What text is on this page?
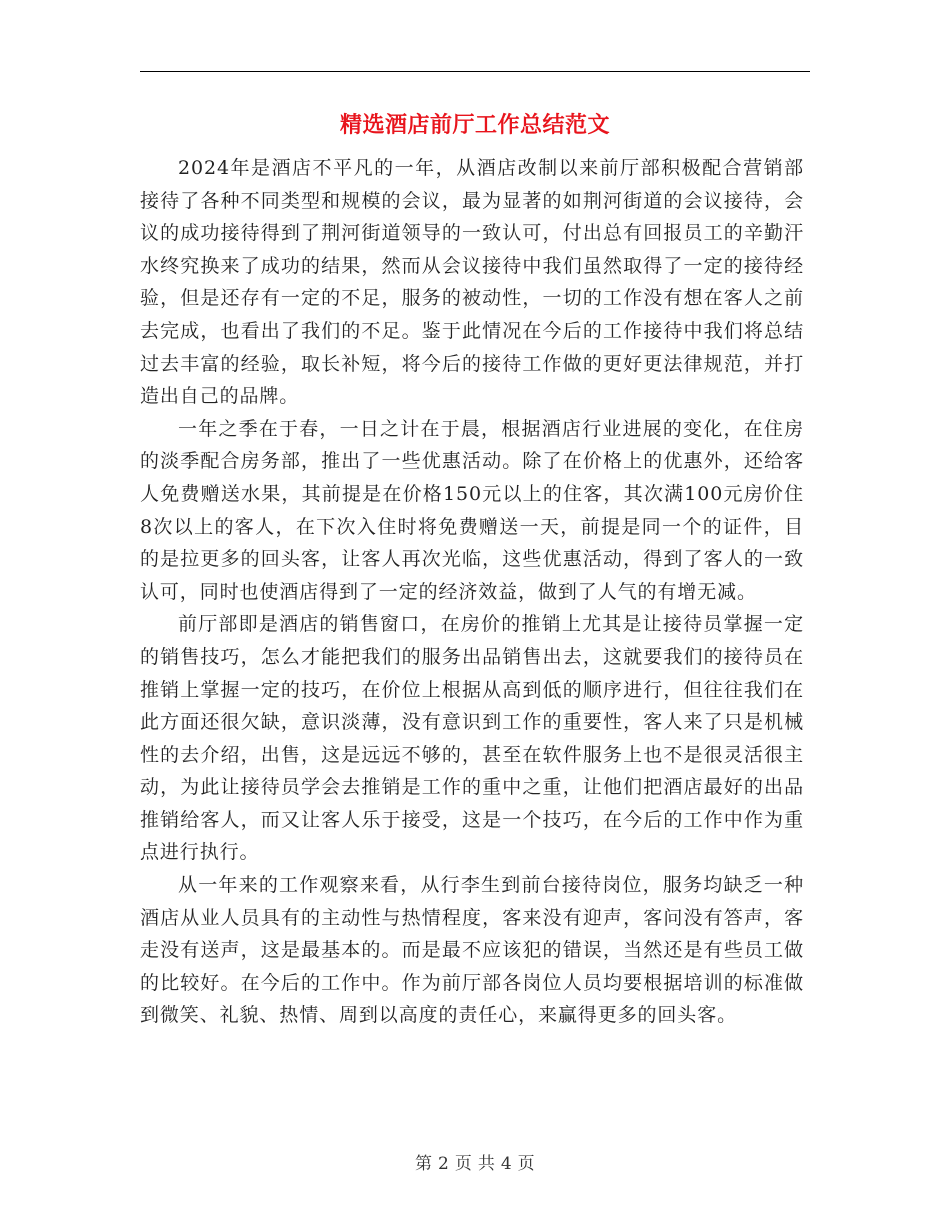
精选酒店前厅工作总结范文

2024年是酒店不平凡的一年，从酒店改制以来前厅部积极配合营销部接待了各种不同类型和规模的会议，最为显著的如荆河街道的会议接待，会议的成功接待得到了荆河街道领导的一致认可，付出总有回报员工的辛勤汗水终究换来了成功的结果，然而从会议接待中我们虽然取得了一定的接待经验，但是还存有一定的不足，服务的被动性，一切的工作没有想在客人之前去完成，也看出了我们的不足。鉴于此情况在今后的工作接待中我们将总结过去丰富的经验，取长补短，将今后的接待工作做的更好更法律规范，并打造出自己的品牌。

一年之季在于春，一日之计在于晨，根据酒店行业进展的变化，在住房的淡季配合房务部，推出了一些优惠活动。除了在价格上的优惠外，还给客人免费赠送水果，其前提是在价格150元以上的住客，其次满100元房价住8次以上的客人，在下次入住时将免费赠送一天，前提是同一个的证件，目的是拉更多的回头客，让客人再次光临，这些优惠活动，得到了客人的一致认可，同时也使酒店得到了一定的经济效益，做到了人气的有增无减。

前厅部即是酒店的销售窗口，在房价的推销上尤其是让接待员掌握一定的销售技巧，怎么才能把我们的服务出品销售出去，这就要我们的接待员在推销上掌握一定的技巧，在价位上根据从高到低的顺序进行，但往往我们在此方面还很欠缺，意识淡薄，没有意识到工作的重要性，客人来了只是机械性的去介绍，出售，这是远远不够的，甚至在软件服务上也不是很灵活很主动，为此让接待员学会去推销是工作的重中之重，让他们把酒店最好的出品推销给客人，而又让客人乐于接受，这是一个技巧，在今后的工作中作为重点进行执行。

从一年来的工作观察来看，从行李生到前台接待岗位，服务均缺乏一种酒店从业人员具有的主动性与热情程度，客来没有迎声，客问没有答声，客走没有送声，这是最基本的。而是最不应该犯的错误，当然还是有些员工做的比较好。在今后的工作中。作为前厅部各岗位人员均要根据培训的标准做到微笑、礼貌、热情、周到以高度的责任心，来赢得更多的回头客。

第 2 页 共 4 页
